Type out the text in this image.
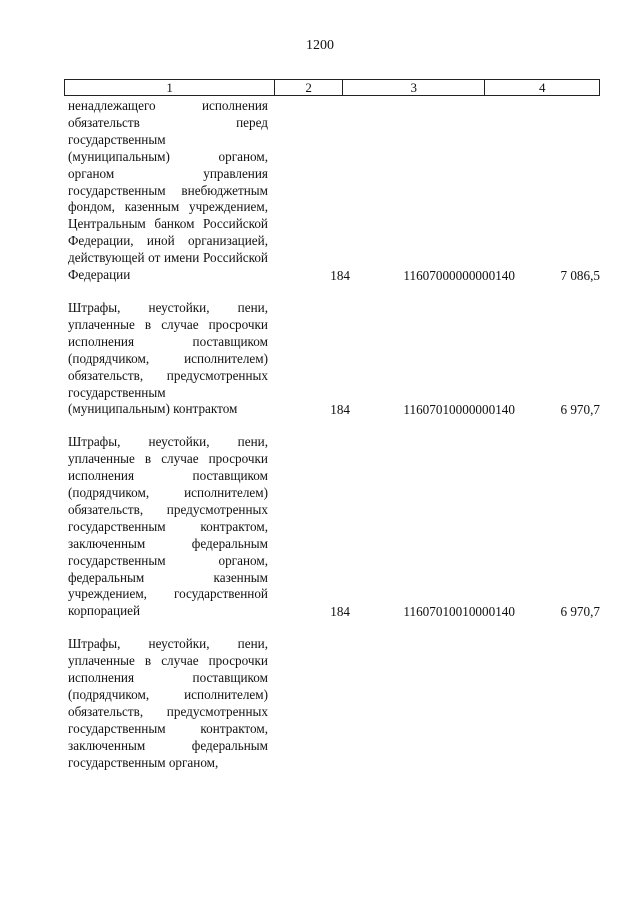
1200
1	2	3	4
ненадлежащего исполнения обязательств перед государственным (муниципальным) органом, органом управления государственным внебюджетным фондом, казенным учреждением, Центральным банком Российской Федерации, иной организацией, действующей от имени Российской Федерации	184	11607000000000140	7 086,5
Штрафы, неустойки, пени, уплаченные в случае просрочки исполнения поставщиком (подрядчиком, исполнителем) обязательств, предусмотренных государственным (муниципальным) контрактом	184	11607010000000140	6 970,7
Штрафы, неустойки, пени, уплаченные в случае просрочки исполнения поставщиком (подрядчиком, исполнителем) обязательств, предусмотренных государственным контрактом, заключенным федеральным государственным органом, федеральным казенным учреждением, государственной корпорацией	184	11607010010000140	6 970,7
Штрафы, неустойки, пени, уплаченные в случае просрочки исполнения поставщиком (подрядчиком, исполнителем) обязательств, предусмотренных государственным контрактом, заключенным федеральным государственным органом,
